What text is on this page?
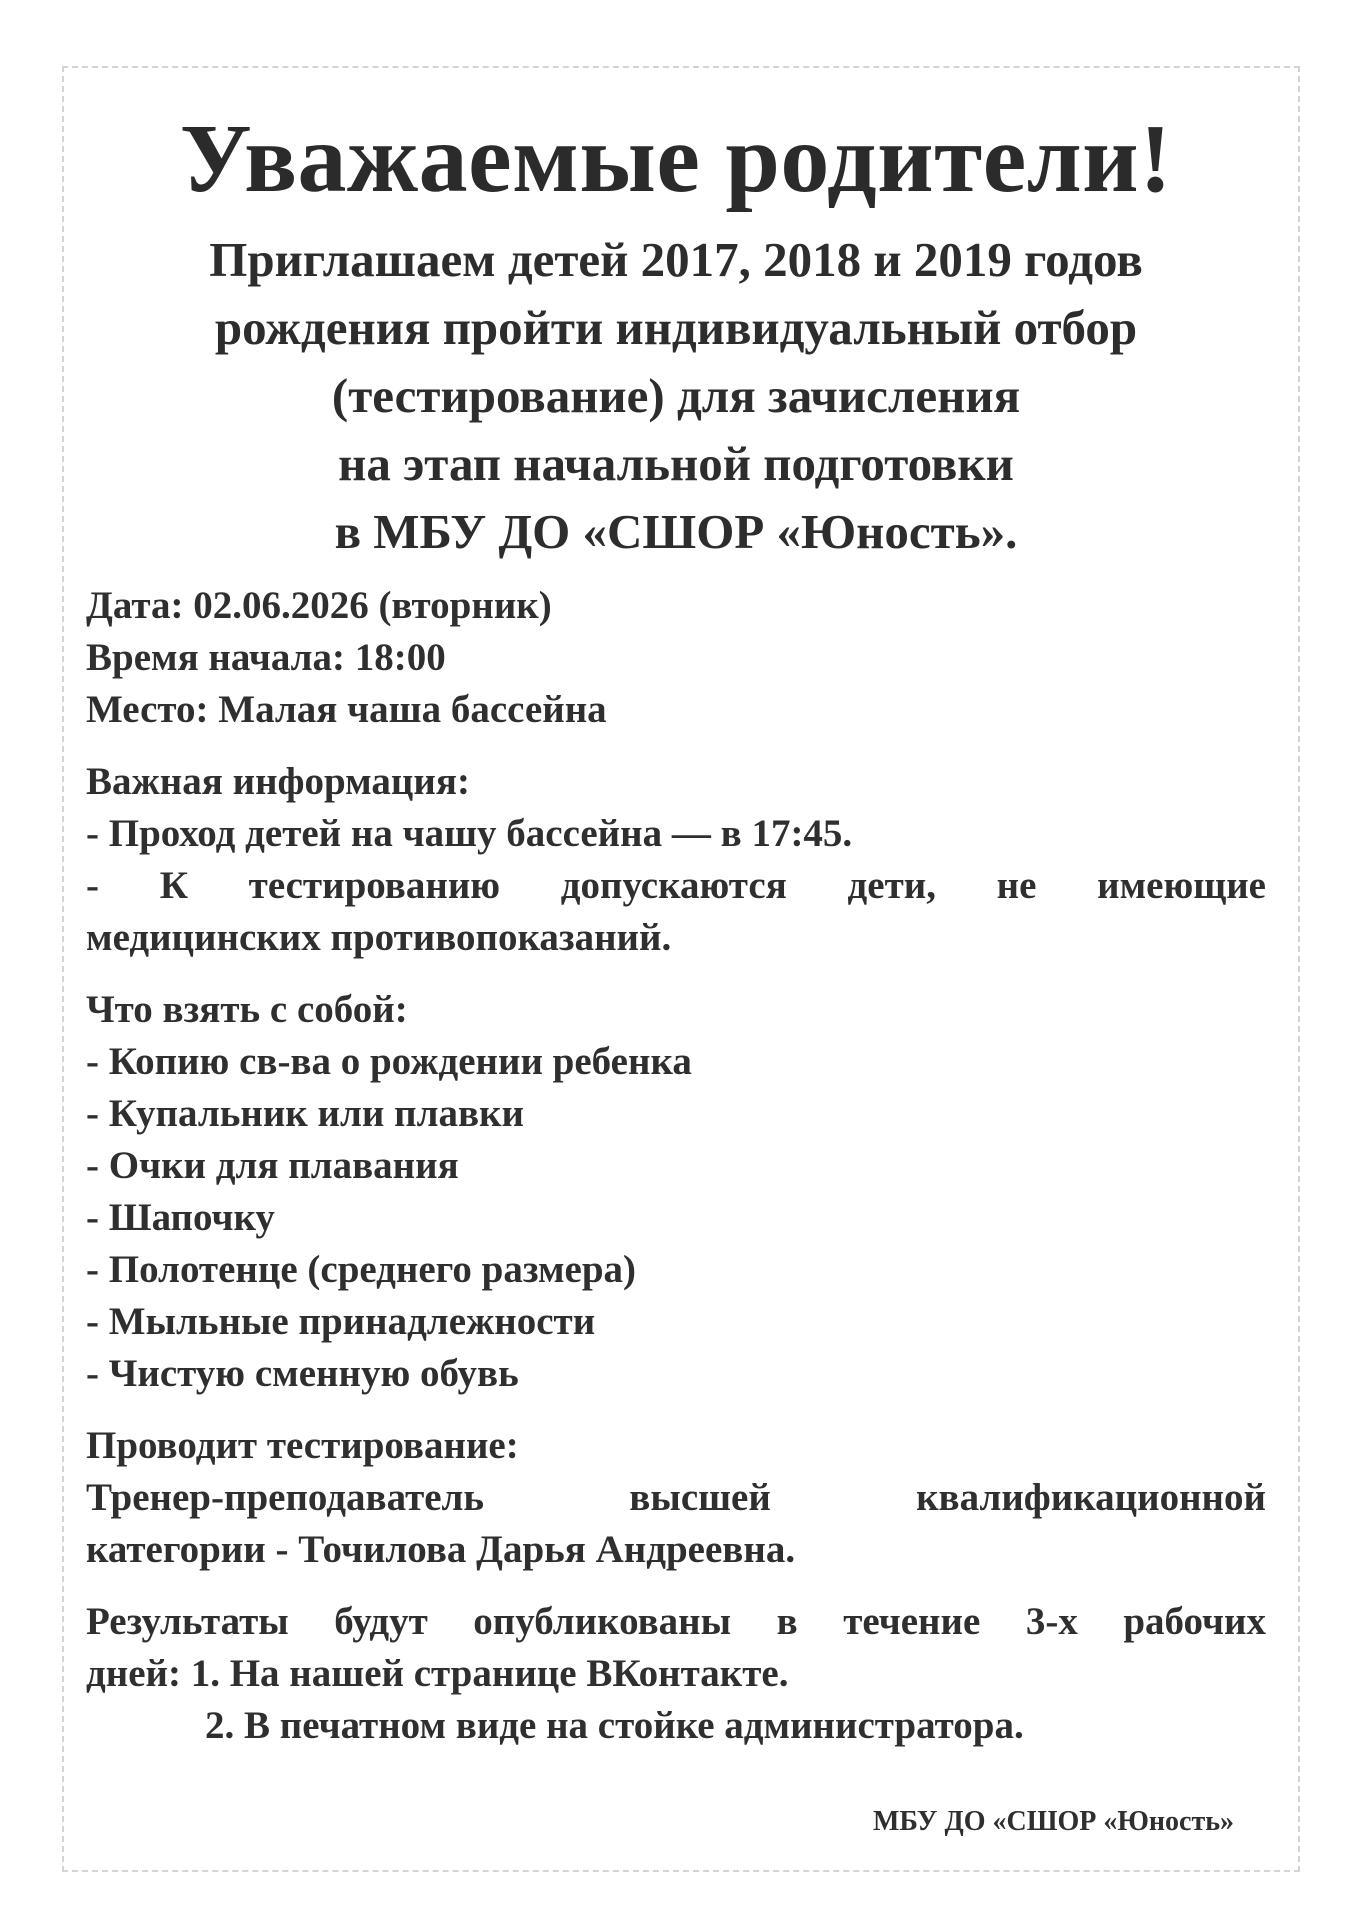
Уважаемые родители!
Приглашаем детей 2017, 2018 и 2019 годов
рождения пройти индивидуальный отбор
(тестирование) для зачисления
на этап начальной подготовки
в МБУ ДО «СШОР «Юность».
Дата: 02.06.2026 (вторник)
Время начала: 18:00
Место: Малая чаша бассейна
Важная информация:
- Проход детей на чашу бассейна — в 17:45.
- К тестированию допускаются дети, не имеющие
медицинских противопоказаний.
Что взять с собой:
- Копию св-ва о рождении ребенка
- Купальник или плавки
- Очки для плавания
- Шапочку
- Полотенце (среднего размера)
- Мыльные принадлежности
- Чистую сменную обувь
Проводит тестирование:
Тренер-преподаватель высшей квалификационной
категории - Точилова Дарья Андреевна.
Результаты будут опубликованы в течение 3-х рабочих
дней: 1. На нашей странице ВКонтакте.
2. В печатном виде на стойке администратора.
МБУ ДО «СШОР «Юность»
